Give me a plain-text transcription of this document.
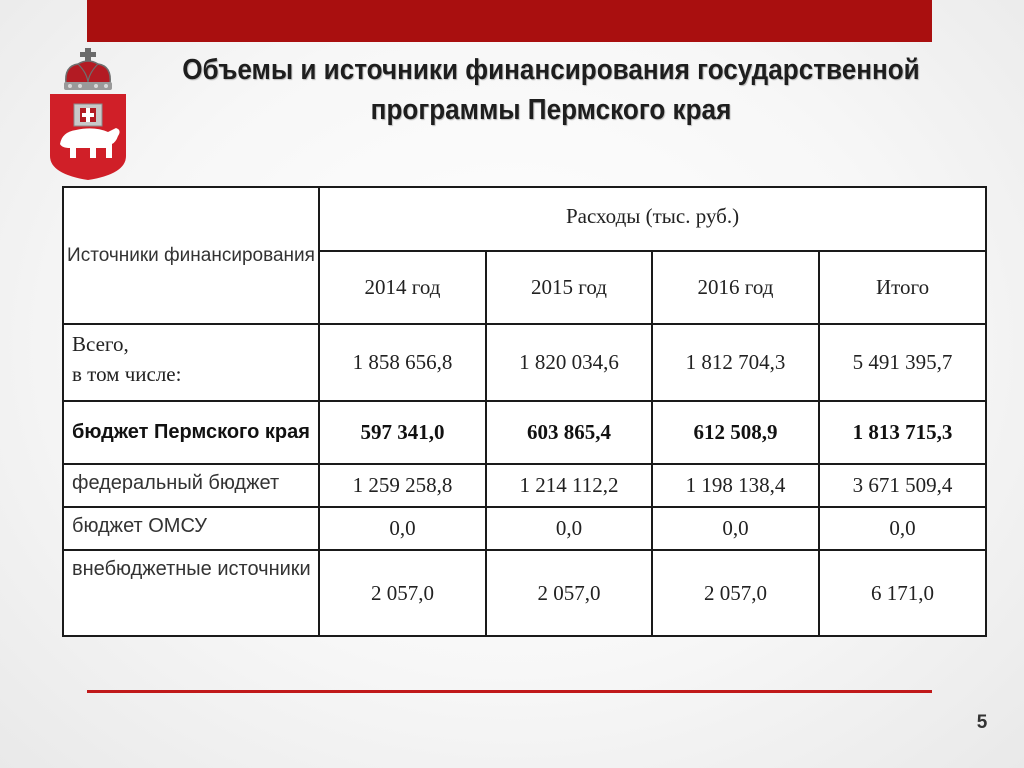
Объемы и источники финансирования государственной
программы Пермского края
Источники финансирования	Расходы (тыс. руб.)			
	2014 год	2015 год	2016 год	Итого
Всего,
в том числе:	1 858 656,8	1 820 034,6	1 812 704,3	5 491 395,7
бюджет Пермского края	597 341,0	603 865,4	612 508,9	1 813 715,3
федеральный бюджет	1 259 258,8	1 214 112,2	1 198 138,4	3 671 509,4
бюджет ОМСУ	0,0	0,0	0,0	0,0
внебюджетные источники	2 057,0	2 057,0	2 057,0	6 171,0
5
